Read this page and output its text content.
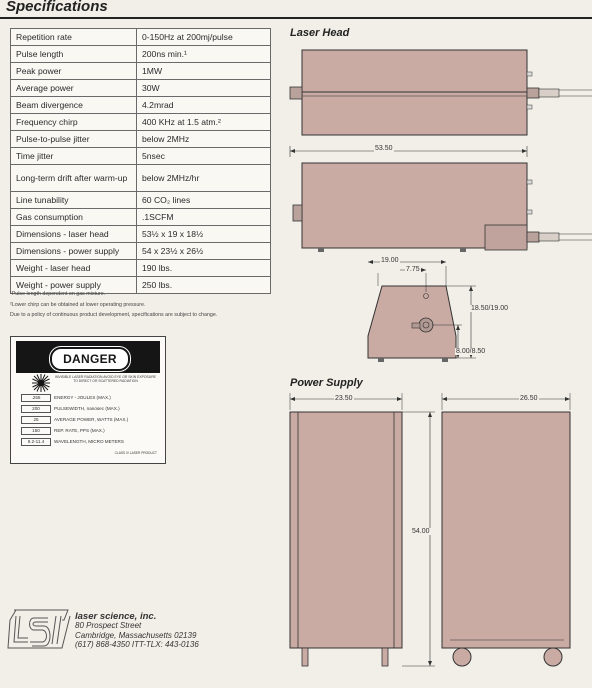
Specifications
Repetition rate	0-150Hz at 200mj/pulse
Pulse length	200ns min.¹
Peak power	1MW
Average power	30W
Beam divergence	4.2mrad
Frequency chirp	400 KHz at 1.5 atm.²
Pulse-to-pulse jitter	below 2MHz
Time jitter	5nsec
Long-term drift after warm-up	below 2MHz/hr
Line tunability	60 CO₂ lines
Gas consumption	.1SCFM
Dimensions - laser head	53½ x 19 x 18½
Dimensions - power supply	54 x 23½ x 26½
Weight - laser head	190 lbs.
Weight - power supply	250 lbs.
¹Pulse length dependent on gas mixture.
²Lower chirp can be obtained at lower operating pressure.
Due to a policy of continuous product development, specifications are subject to change.
DANGER
INVISIBLE LASER RADIATION AVOID EYE OR SKIN EXPOSURE TO DIRECT OR SCATTERED RADIATION
.255	ENERGY - JOULES (MAX.)
200	PULSEWIDTH, nanosec (MAX.)
25	AVERAGE POWER, WATTS (MAX.)
150	REP. RATE, PPS (MAX.)
9.2-11.4 WAVELENGTH, MICRO METERS
CLASS IV LASER PRODUCT
Laser Head
53.50
19.00
7.75
18.50/19.00
8.00/8.50
Power Supply
23.50	26.50
54.00
laser science, inc.
80 Prospect Street
Cambridge, Massachusetts 02139
(617) 868-4350 ITT-TLX: 443-0136
